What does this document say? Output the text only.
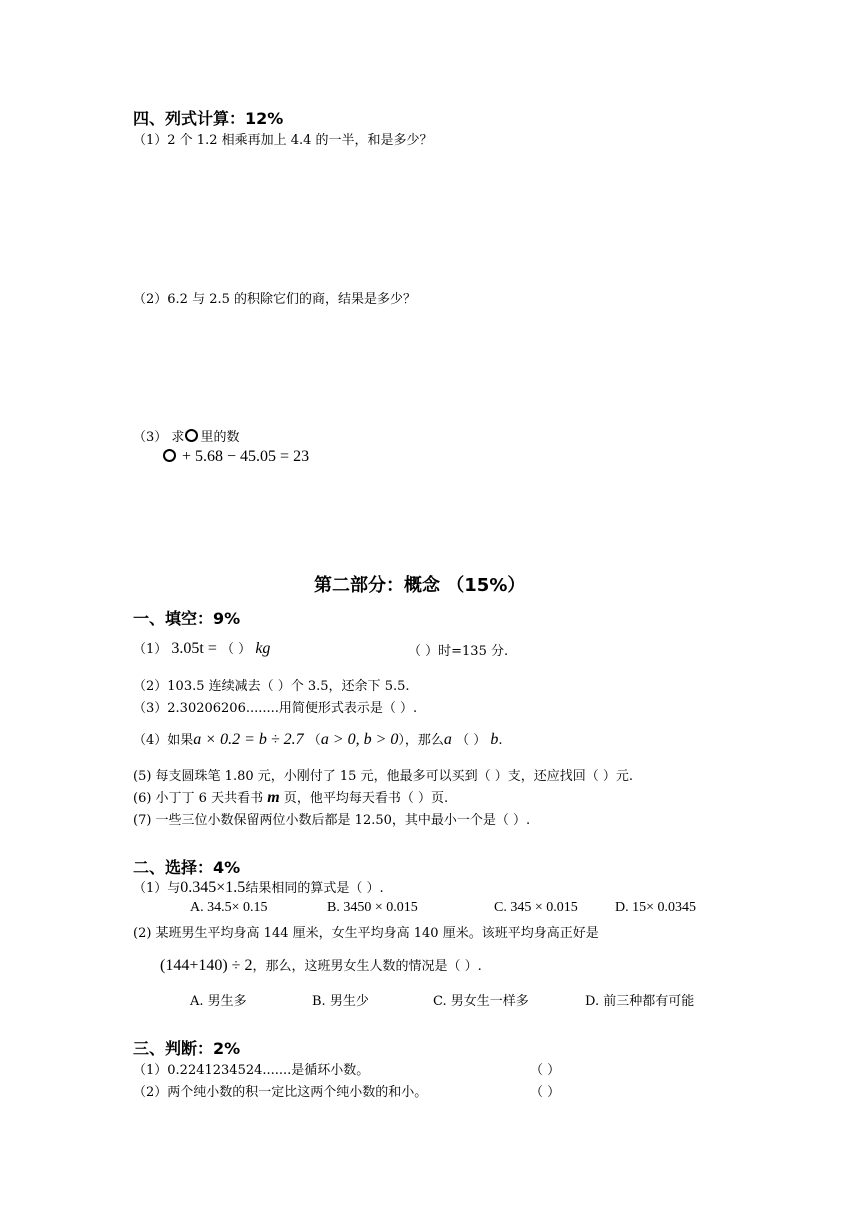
四、列式计算：12%
（1）2 个 1.2 相乘再加上 4.4 的一半，和是多少？
（2）6.2 与 2.5 的积除它们的商，结果是多少？
（3） 求 里的数
+ 5.68 − 45.05 = 23
第二部分：概念 （15%）
一、填空：9%
（1） 3.05t = （ ） kg	（ ）时=135 分.
（2）103.5 连续减去（ ）个 3.5，还余下 5.5.
（3）2.30206206........用简便形式表示是（ ）.
（4）如果a × 0.2 = b ÷ 2.7 （a > 0, b > 0），那么a （ ） b.
(5) 每支圆珠笔 1.80 元，小刚付了 15 元，他最多可以买到（ ）支，还应找回（ ）元.
(6) 小丁丁 6 天共看书 m 页，他平均每天看书（ ）页.
(7) 一些三位小数保留两位小数后都是 12.50，其中最小一个是（ ）.
二、选择：4%
（1）与0.345×1.5结果相同的算式是（ ）.
A. 34.5× 0.15	B. 3450 × 0.015	C. 345 × 0.015	D. 15× 0.0345
(2) 某班男生平均身高 144 厘米，女生平均身高 140 厘米。该班平均身高正好是
(144+140) ÷ 2，那么，这班男女生人数的情况是（ ）.
A. 男生多	B. 男生少	C. 男女生一样多	D. 前三种都有可能
三、判断：2%
（1）0.2241234524.......是循环小数。	（ ）
（2）两个纯小数的积一定比这两个纯小数的和小。	（ ）
